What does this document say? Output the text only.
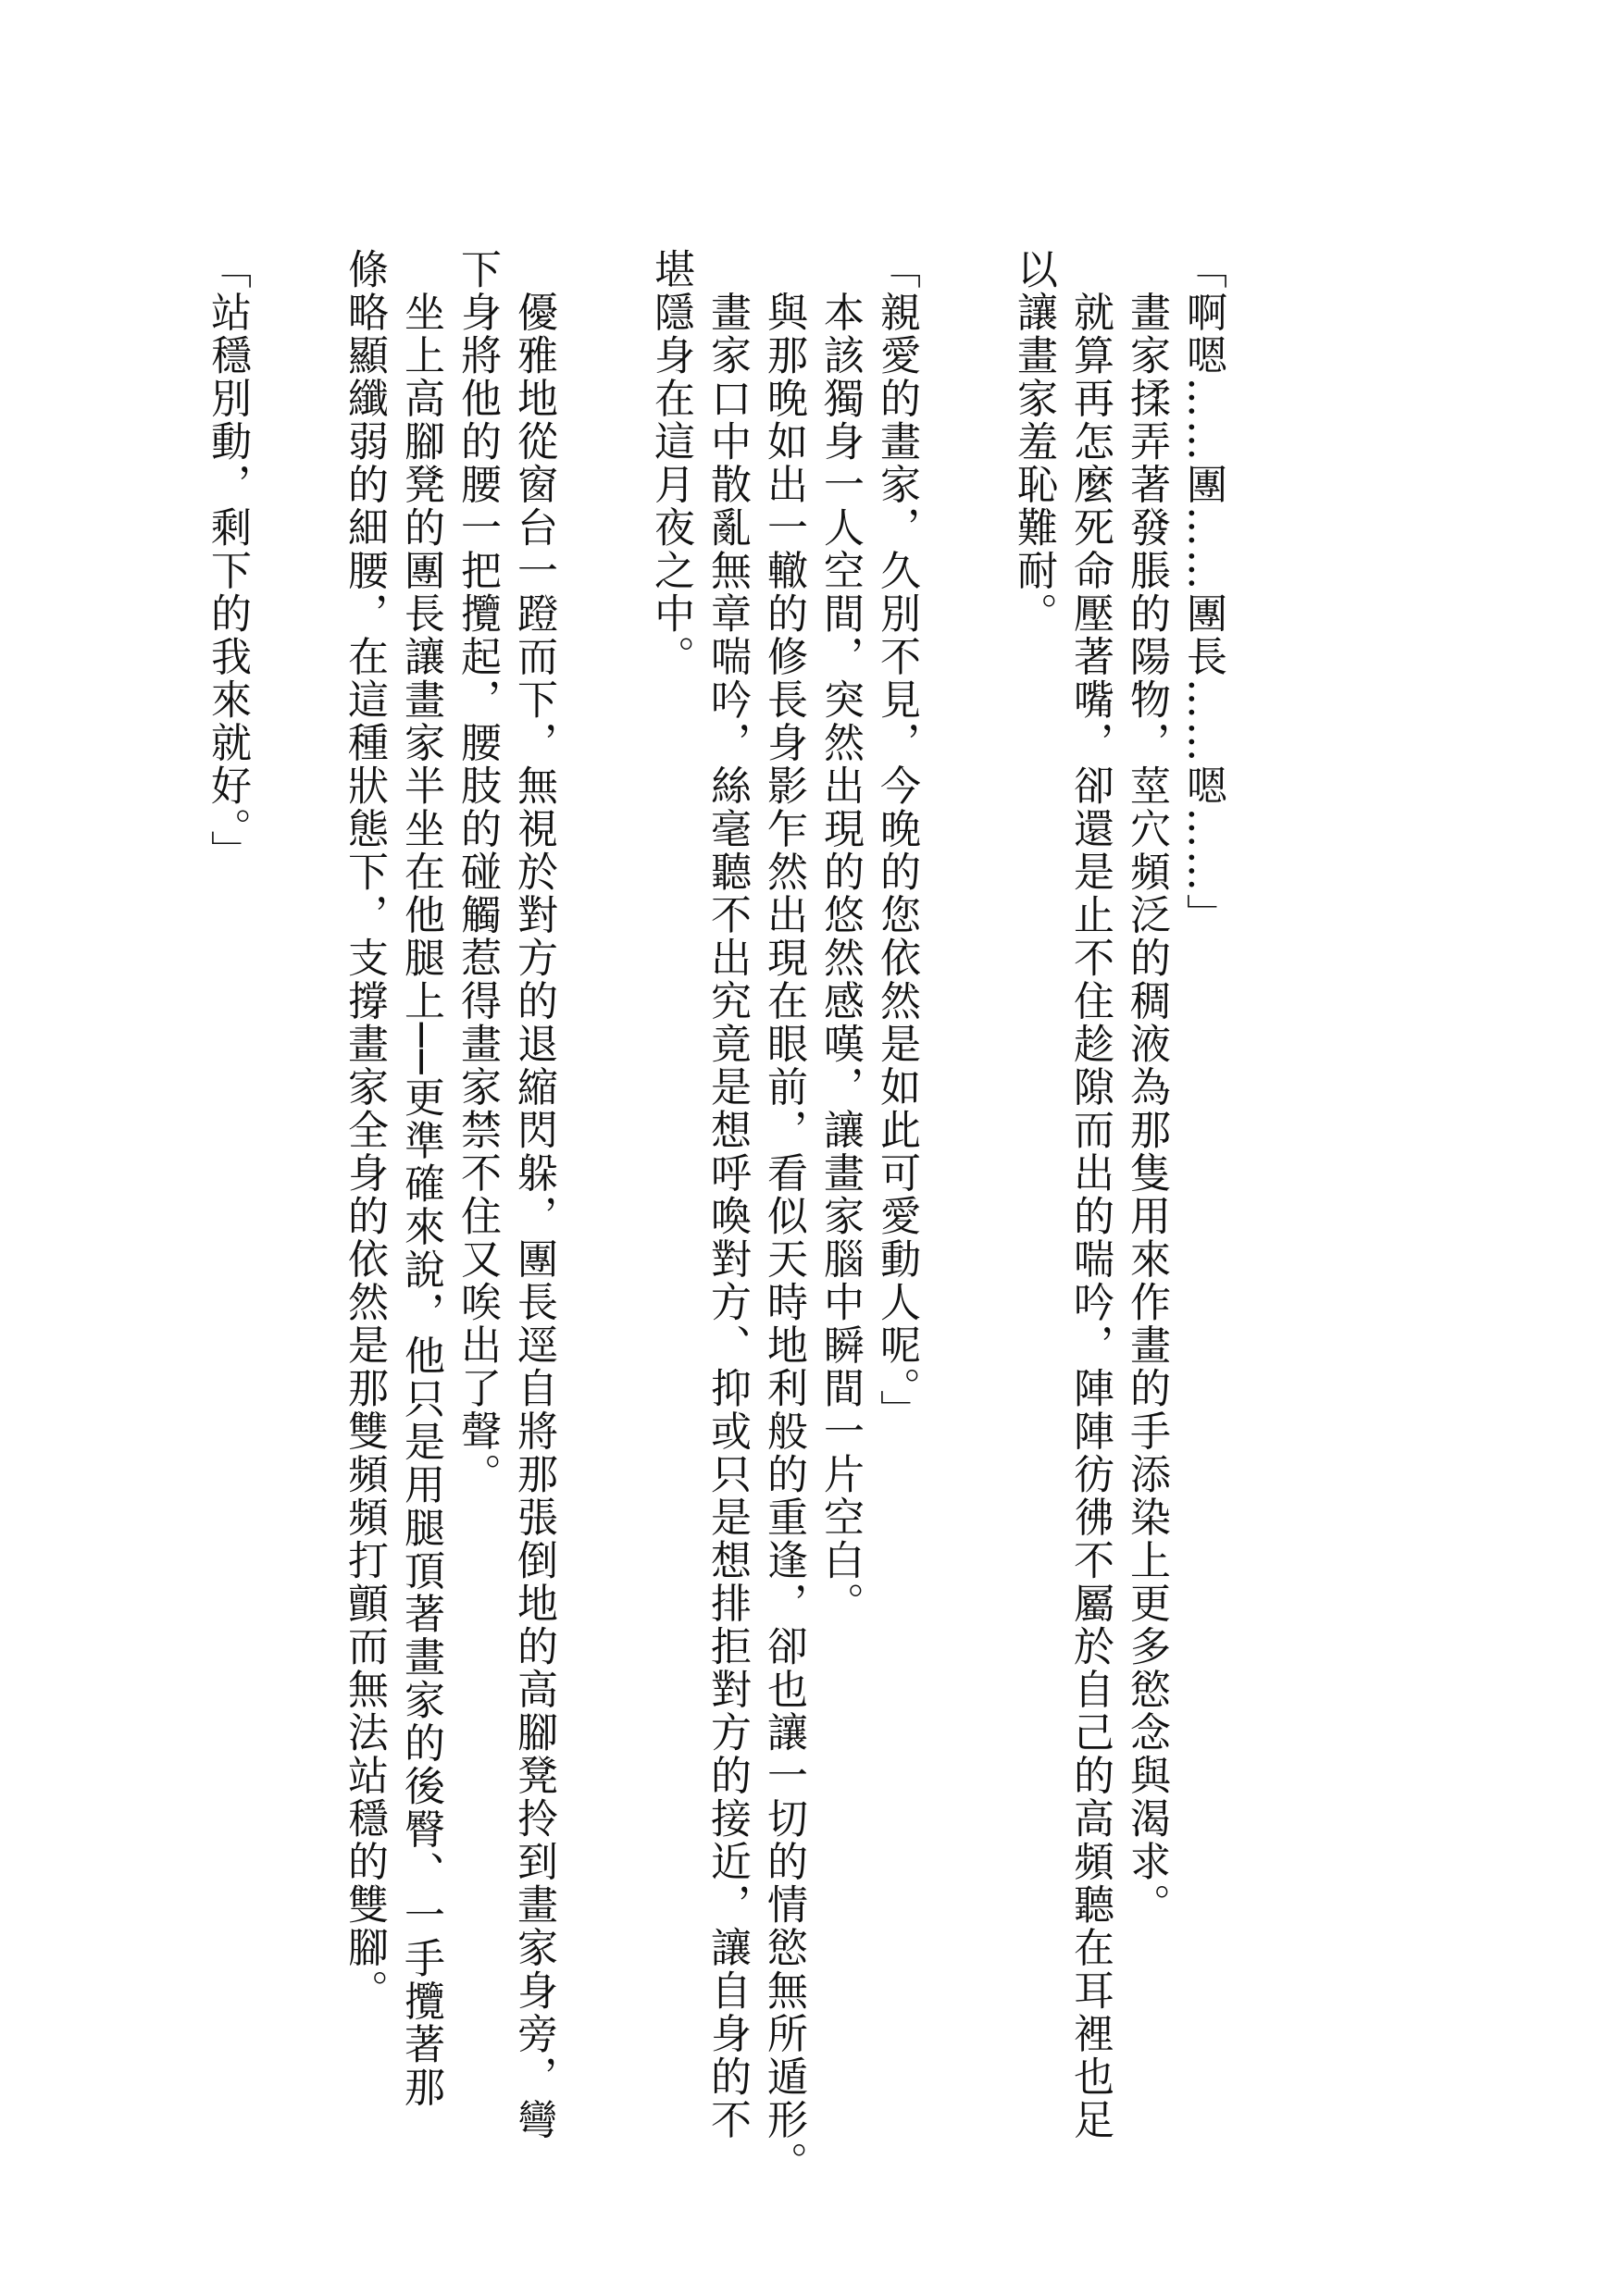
「啊嗯……團……團長……嗯……」
　畫家揉弄著發脹的陽物，莖穴頻泛的稠液為那隻用來作畫的手添染上更多慾念與渴求。
　就算再怎麼死命壓著嘴，卻還是止不住趁隙而出的喘吟，陣陣彷彿不屬於自己的高頻聽在耳裡也足
以讓畫家羞恥難耐。
「親愛的畫家，久別不見，今晚的您依然是如此可愛動人呢。」
　本該獨身一人空間，突然出現的悠然感嘆，讓畫家腦中瞬間一片空白。
　與那晚如出一轍的修長身影乍然出現在眼前，看似天時地利般的重逢，卻也讓一切的情慾無所遁形。
　畫家口中散亂無章喘吟，絲毫聽不出究竟是想呼喚對方、抑或只是想排拒對方的接近，讓自身的不
堪隱身在這月夜之中。
　優雅地從窗台一蹬而下，無視於對方的退縮閃躲，團長逕自將那張倒地的高腳凳拎到畫家身旁，彎
下身將他的腰一把攬起，腰肢的碰觸惹得畫家禁不住又唉出了聲。
　坐上高腳凳的團長讓畫家半坐在他腿上──更準確來說，他只是用腿頂著畫家的後臀、一手攬著那
條略顯纖弱的細腰，在這種狀態下，支撐畫家全身的依然是那雙頻頻打顫而無法站穩的雙腳。
「站穩別動，剩下的我來就好。」
